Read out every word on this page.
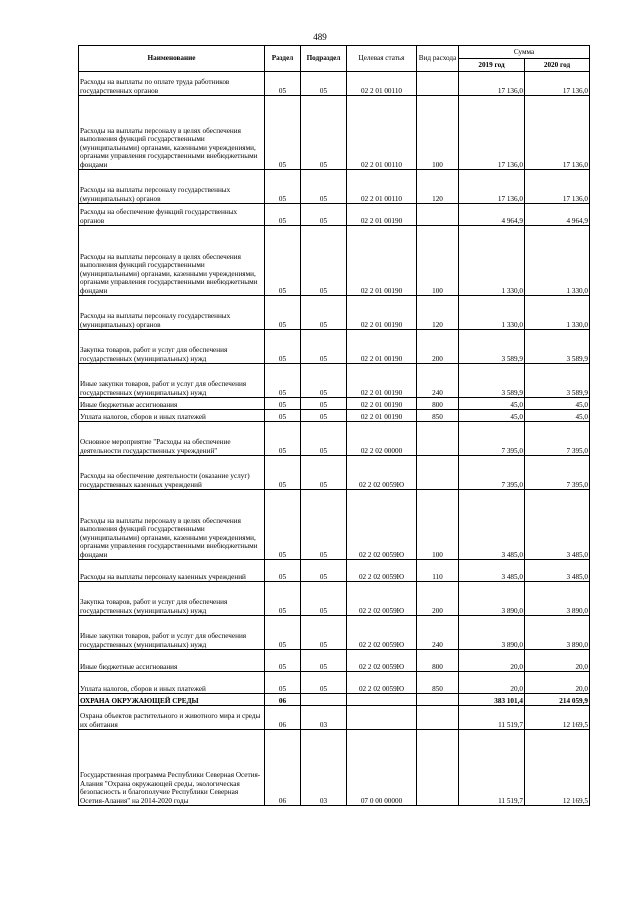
489
Наименование	Раздел	Подраздел	Целевая статья	Вид расхода	Сумма	
					2019 год	2020 год
Расходы на выплаты по оплате труда работников государственных органов	05	05	02 2 01 00110		17 136,0	17 136,0
Расходы на выплаты персоналу в целях обеспечения выполнения функций государственными (муниципальными) органами, казенными учреждениями, органами управления государственными внебюджетными фондами	05	05	02 2 01 00110	100	17 136,0	17 136,0
Расходы на выплаты персоналу государственных (муниципальных) органов	05	05	02 2 01 00110	120	17 136,0	17 136,0
Расходы на обеспечение функций государственных органов	05	05	02 2 01 00190		4 964,9	4 964,9
Расходы на выплаты персоналу в целях обеспечения выполнения функций государственными (муниципальными) органами, казенными учреждениями, органами управления государственными внебюджетными фондами	05	05	02 2 01 00190	100	1 330,0	1 330,0
Расходы на выплаты персоналу государственных (муниципальных) органов	05	05	02 2 01 00190	120	1 330,0	1 330,0
Закупка товаров, работ и услуг для обеспечения государственных (муниципальных) нужд	05	05	02 2 01 00190	200	3 589,9	3 589,9
Иные закупки товаров, работ и услуг для обеспечения государственных (муниципальных) нужд	05	05	02 2 01 00190	240	3 589,9	3 589,9
Иные бюджетные ассигнования	05	05	02 2 01 00190	800	45,0	45,0
Уплата налогов, сборов и иных платежей	05	05	02 2 01 00190	850	45,0	45,0
Основное мероприятие "Расходы на обеспечение деятельности государственных учреждений"	05	05	02 2 02 00000		7 395,0	7 395,0
Расходы на обеспечение деятельности (оказание услуг) государственных казенных учреждений	05	05	02 2 02 0059Ю		7 395,0	7 395,0
Расходы на выплаты персоналу в целях обеспечения выполнения функций государственными (муниципальными) органами, казенными учреждениями, органами управления государственными внебюджетными фондами	05	05	02 2 02 0059Ю	100	3 485,0	3 485,0
Расходы на выплаты персоналу казенных учреждений	05	05	02 2 02 0059Ю	110	3 485,0	3 485,0
Закупка товаров, работ и услуг для обеспечения государственных (муниципальных) нужд	05	05	02 2 02 0059Ю	200	3 890,0	3 890,0
Иные закупки товаров, работ и услуг для обеспечения государственных (муниципальных) нужд	05	05	02 2 02 0059Ю	240	3 890,0	3 890,0
Иные бюджетные ассигнования	05	05	02 2 02 0059Ю	800	20,0	20,0
Уплата налогов, сборов и иных платежей	05	05	02 2 02 0059Ю	850	20,0	20,0
ОХРАНА ОКРУЖАЮЩЕЙ СРЕДЫ	06				383 101,4	214 059,9
Охрана объектов растительного и животного мира и среды их обитания	06	03			11 519,7	12 169,5
Государственная программа Республики Северная Осетия-Алания "Охрана окружающей среды, экологическая безопасность и благополучие Республики Северная Осетия-Алания" на 2014-2020 годы	06	03	07 0 00 00000		11 519,7	12 169,5
